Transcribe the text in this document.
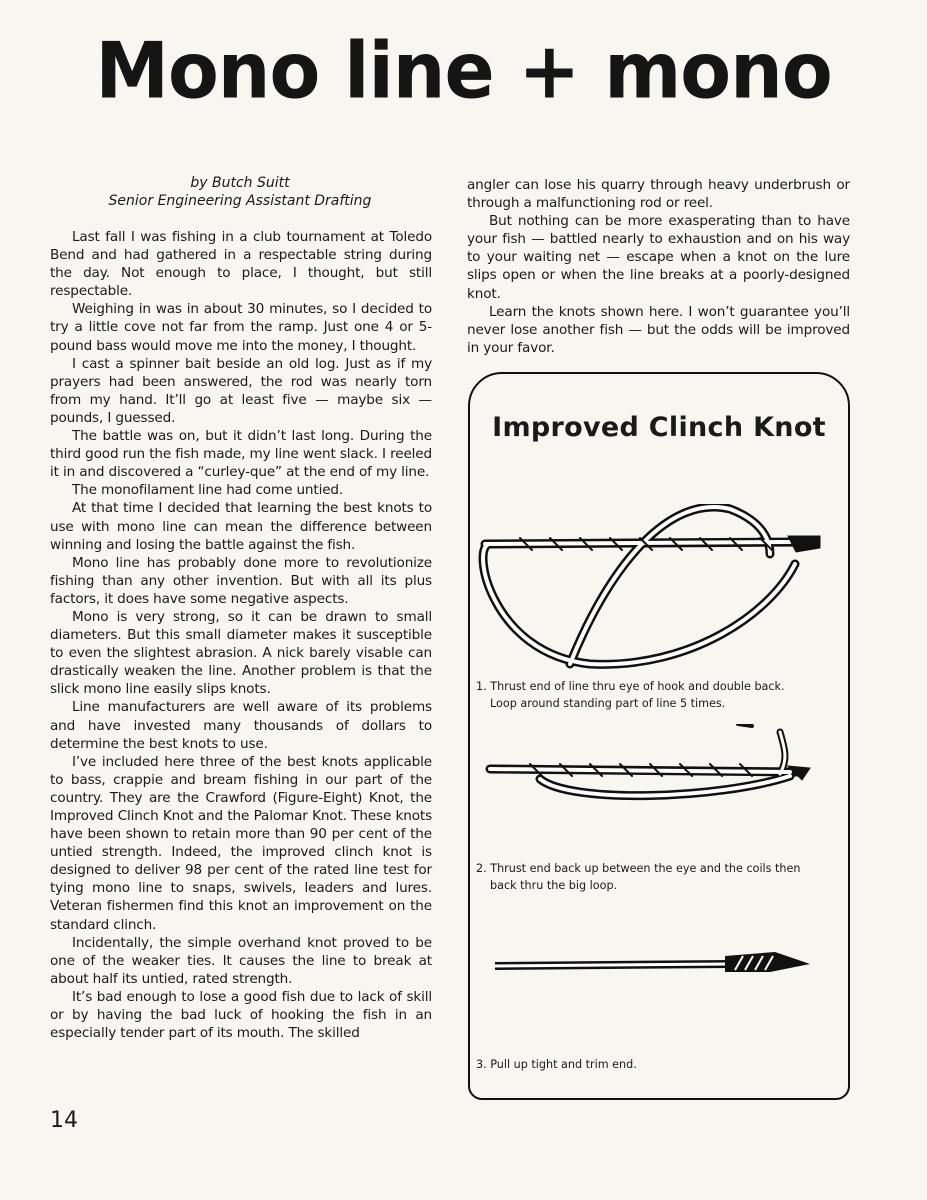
Mono line + mono
by Butch Suitt
Senior Engineering Assistant Drafting

Last fall I was fishing in a club tournament at Toledo Bend and had gathered in a respectable string during the day. Not enough to place, I thought, but still respectable.

Weighing in was in about 30 minutes, so I decided to try a little cove not far from the ramp. Just one 4 or 5-pound bass would move me into the money, I thought.

I cast a spinner bait beside an old log. Just as if my prayers had been answered, the rod was nearly torn from my hand. It’ll go at least five — maybe six — pounds, I guessed.

The battle was on, but it didn’t last long. During the third good run the fish made, my line went slack. I reeled it in and discovered a “curley-que” at the end of my line.

The monofilament line had come untied.

At that time I decided that learning the best knots to use with mono line can mean the difference between winning and losing the battle against the fish.

Mono line has probably done more to revolutionize fishing than any other invention. But with all its plus factors, it does have some negative aspects.

Mono is very strong, so it can be drawn to small diameters. But this small diameter makes it susceptible to even the slightest abrasion. A nick barely visable can drastically weaken the line. Another problem is that the slick mono line easily slips knots.

Line manufacturers are well aware of its problems and have invested many thousands of dollars to determine the best knots to use.

I’ve included here three of the best knots applicable to bass, crappie and bream fishing in our part of the country. They are the Crawford (Figure-Eight) Knot, the Improved Clinch Knot and the Palomar Knot. These knots have been shown to retain more than 90 per cent of the untied strength. Indeed, the improved clinch knot is designed to deliver 98 per cent of the rated line test for tying mono line to snaps, swivels, leaders and lures. Veteran fishermen find this knot an improvement on the standard clinch.

Incidentally, the simple overhand knot proved to be one of the weaker ties. It causes the line to break at about half its untied, rated strength.

It’s bad enough to lose a good fish due to lack of skill or by having the bad luck of hooking the fish in an especially tender part of its mouth. The skilled

angler can lose his quarry through heavy underbrush or through a malfunctioning rod or reel.

But nothing can be more exasperating than to have your fish — battled nearly to exhaustion and on his way to your waiting net — escape when a knot on the lure slips open or when the line breaks at a poorly-designed knot.

Learn the knots shown here. I won’t guarantee you’ll never lose another fish — but the odds will be improved in your favor.

Improved Clinch Knot
1. Thrust end of line thru eye of hook and double back.
Loop around standing part of line 5 times.
2. Thrust end back up between the eye and the coils then
back thru the big loop.
3. Pull up tight and trim end.
14
